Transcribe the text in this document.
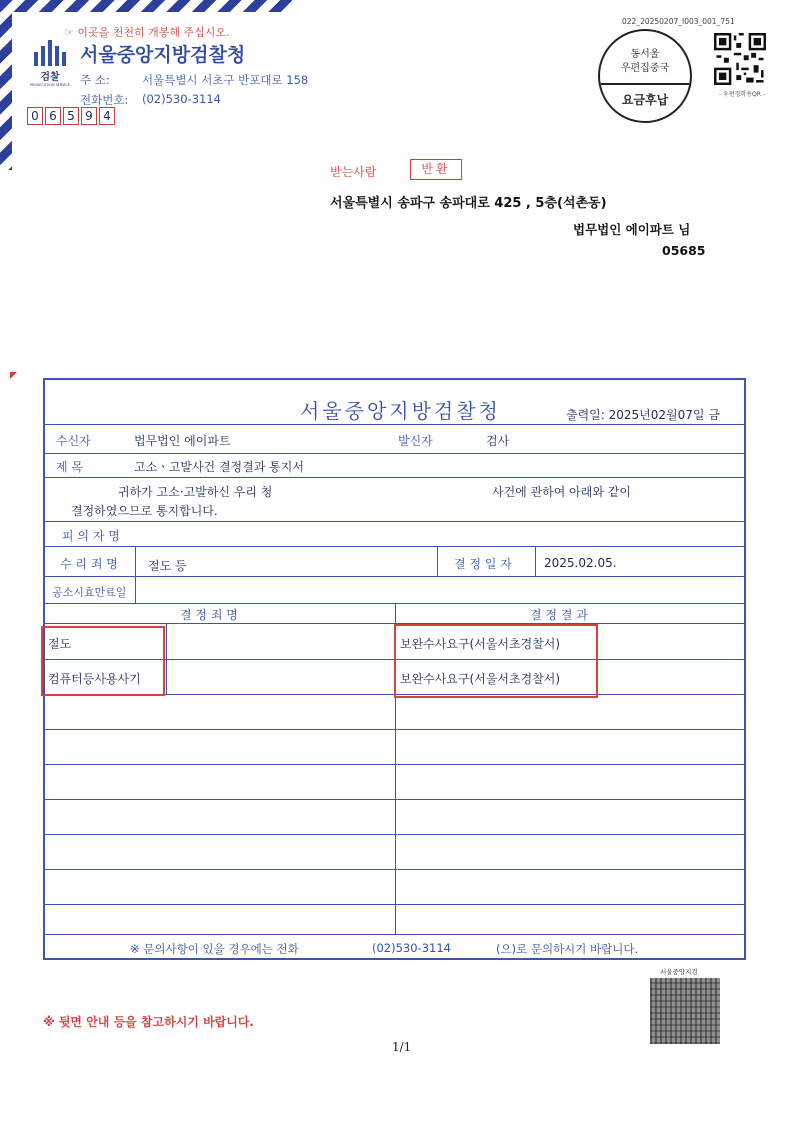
☞ 이곳을 천천히 개봉해 주십시오.
검찰
PROSECUTION SERVICE
서울중앙지방검찰청
주 소:	서울특별시 서초구 반포대로 158
전화번호: (02)530-3114
0 6 5 9 4
022_20250207_I003_001_751
동서울
우편집중국
요금후납	- 우편정학용QR -
받는사람	반환
서울특별시 송파구 송파대로 425 , 5층(석촌동)
법무법인 에이파트 님
05685
서울중앙지방검찰청	출력일: 2025년02월07일 금
수신자	법무법인 에이파트	발신자	검사
제 목	고소ㆍ고발사건 결정결과 통지서
귀하가 고소·고발하신 우리 청	사건에 관하여 아래와 같이
결정하였으므로 통지합니다.
피 의 자 명
수 리 죄 명	절도 등	결 정 일 자	2025.02.05.
공소시효만료일
결 정 죄 명	결 정 결 과
절도	보완수사요구(서울서초경찰서)
컴퓨터등사용사기	보완수사요구(서울서초경찰서)
※ 문의사항이 있을 경우에는 전화	(02)530-3114	(으)로 문의하시기 바랍니다.
서울중앙지검
※ 뒷면 안내 등을 참고하시기 바랍니다.
1/1
